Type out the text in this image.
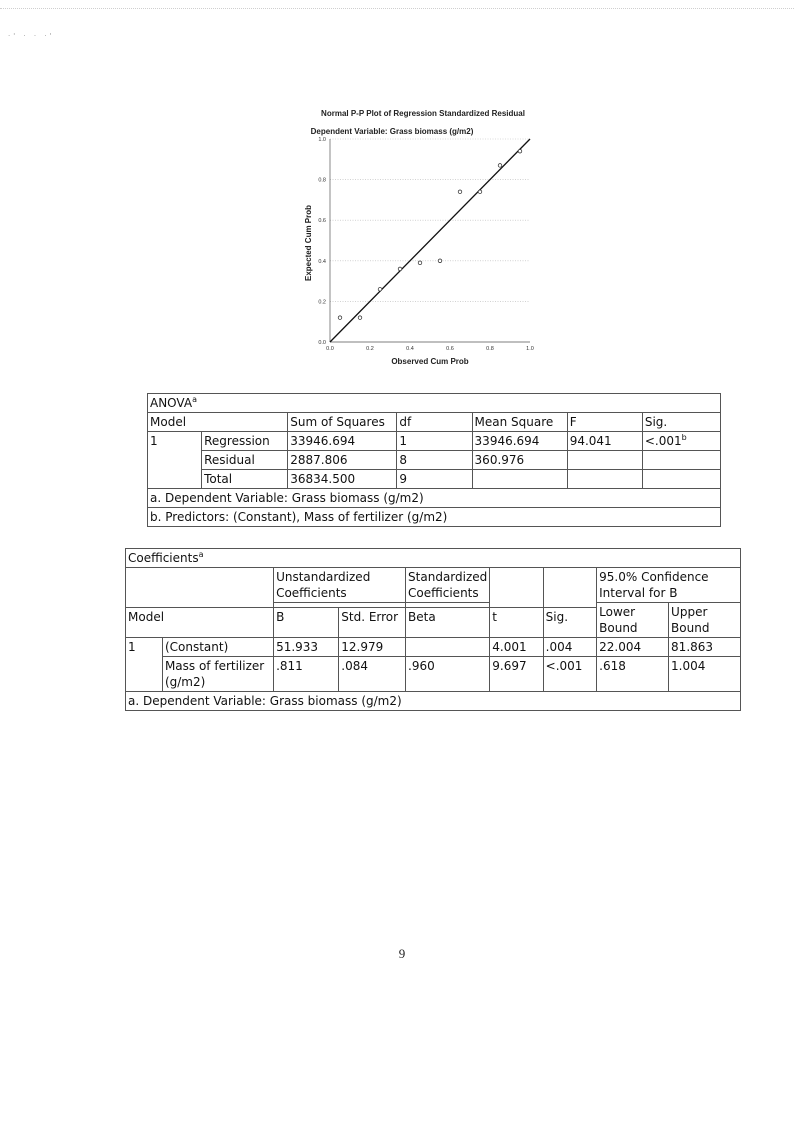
·' · · ·'
Normal P-P Plot of Regression Standardized Residual
Dependent Variable: Grass biomass (g/m2)
Observed Cum Prob
Expected Cum Prob
0.0
0.2
0.4
0.6
0.8
1.0
0.0	0.2	0.4	0.6	0.8	1.0
ANOVA$^a$
Model		Sum of Squares	df	Mean Square	F	Sig.
1	Regression	33946.694	1	33946.694	94.041	<.001$^b$
	Residual	2887.806	8	360.976		
	Total	36834.500	9			
a. Dependent Variable: Grass biomass (g/m2)						
b. Predictors: (Constant), Mass of fertilizer (g/m2)						
Coefficients$^a$
		Unstandardized Coefficients		Standardized Coefficients			95.0% Confidence Interval for B	
							Lower Bound	Upper Bound
Model		B	Std. Error	Beta	t	Sig.		
1	(Constant)	51.933	12.979		4.001	.004	22.004	81.863
	Mass of fertilizer (g/m2)	.811	.084	.960	9.697	<.001	.618	1.004
a. Dependent Variable: Grass biomass (g/m2)								
9
